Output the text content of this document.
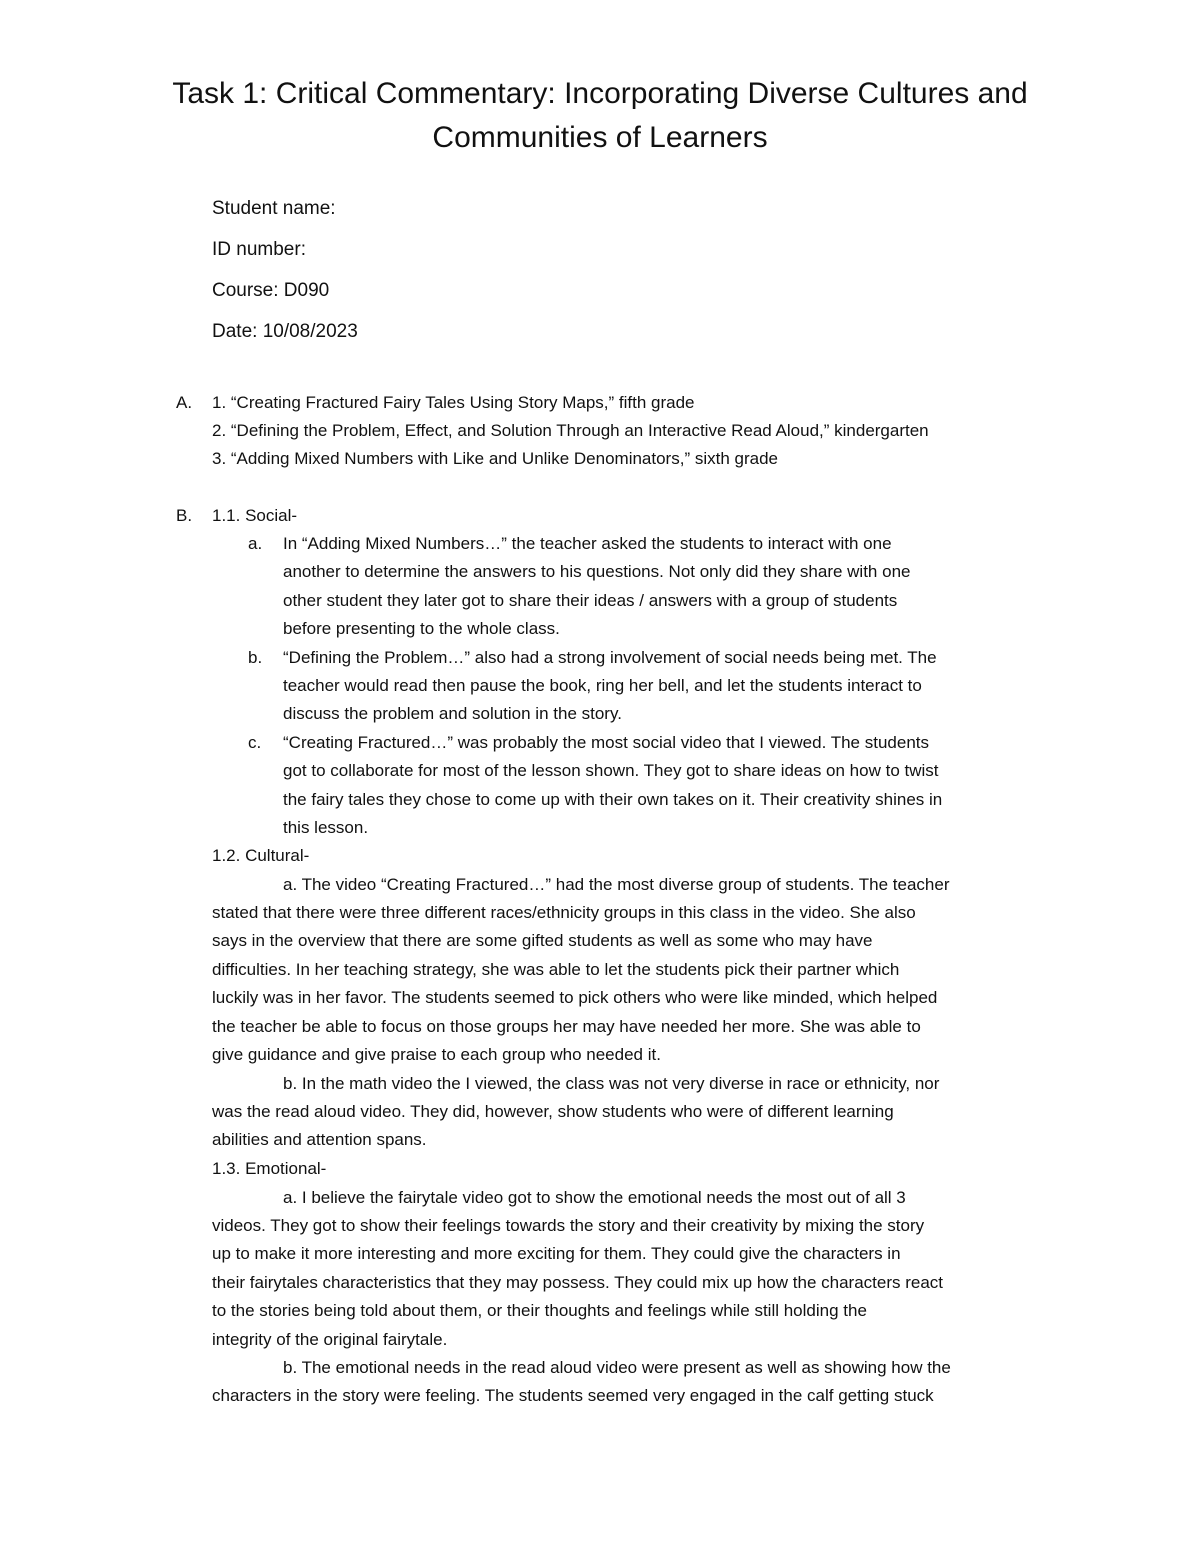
Task 1: Critical Commentary: Incorporating Diverse Cultures and
Communities of Learners

Student name:

ID number:

Course: D090

Date: 10/08/2023

A. 1. “Creating Fractured Fairy Tales Using Story Maps,” fifth grade

2. “Defining the Problem, Effect, and Solution Through an Interactive Read Aloud,” kindergarten

3. “Adding Mixed Numbers with Like and Unlike Denominators,” sixth grade

B. 1.1. Social-

a. In “Adding Mixed Numbers…” the teacher asked the students to interact with one

another to determine the answers to his questions. Not only did they share with one

other student they later got to share their ideas / answers with a group of students

before presenting to the whole class.

b. “Defining the Problem…” also had a strong involvement of social needs being met. The

teacher would read then pause the book, ring her bell, and let the students interact to

discuss the problem and solution in the story.

c. “Creating Fractured…” was probably the most social video that I viewed. The students

got to collaborate for most of the lesson shown. They got to share ideas on how to twist

the fairy tales they chose to come up with their own takes on it. Their creativity shines in

this lesson.

1.2. Cultural-

a. The video “Creating Fractured…” had the most diverse group of students. The teacher

stated that there were three different races/ethnicity groups in this class in the video. She also

says in the overview that there are some gifted students as well as some who may have

difficulties. In her teaching strategy, she was able to let the students pick their partner which

luckily was in her favor. The students seemed to pick others who were like minded, which helped

the teacher be able to focus on those groups her may have needed her more. She was able to

give guidance and give praise to each group who needed it.

b. In the math video the I viewed, the class was not very diverse in race or ethnicity, nor

was the read aloud video. They did, however, show students who were of different learning

abilities and attention spans.

1.3. Emotional-

a. I believe the fairytale video got to show the emotional needs the most out of all 3

videos. They got to show their feelings towards the story and their creativity by mixing the story

up to make it more interesting and more exciting for them. They could give the characters in

their fairytales characteristics that they may possess. They could mix up how the characters react

to the stories being told about them, or their thoughts and feelings while still holding the

integrity of the original fairytale.

b. The emotional needs in the read aloud video were present as well as showing how the

characters in the story were feeling. The students seemed very engaged in the calf getting stuck
